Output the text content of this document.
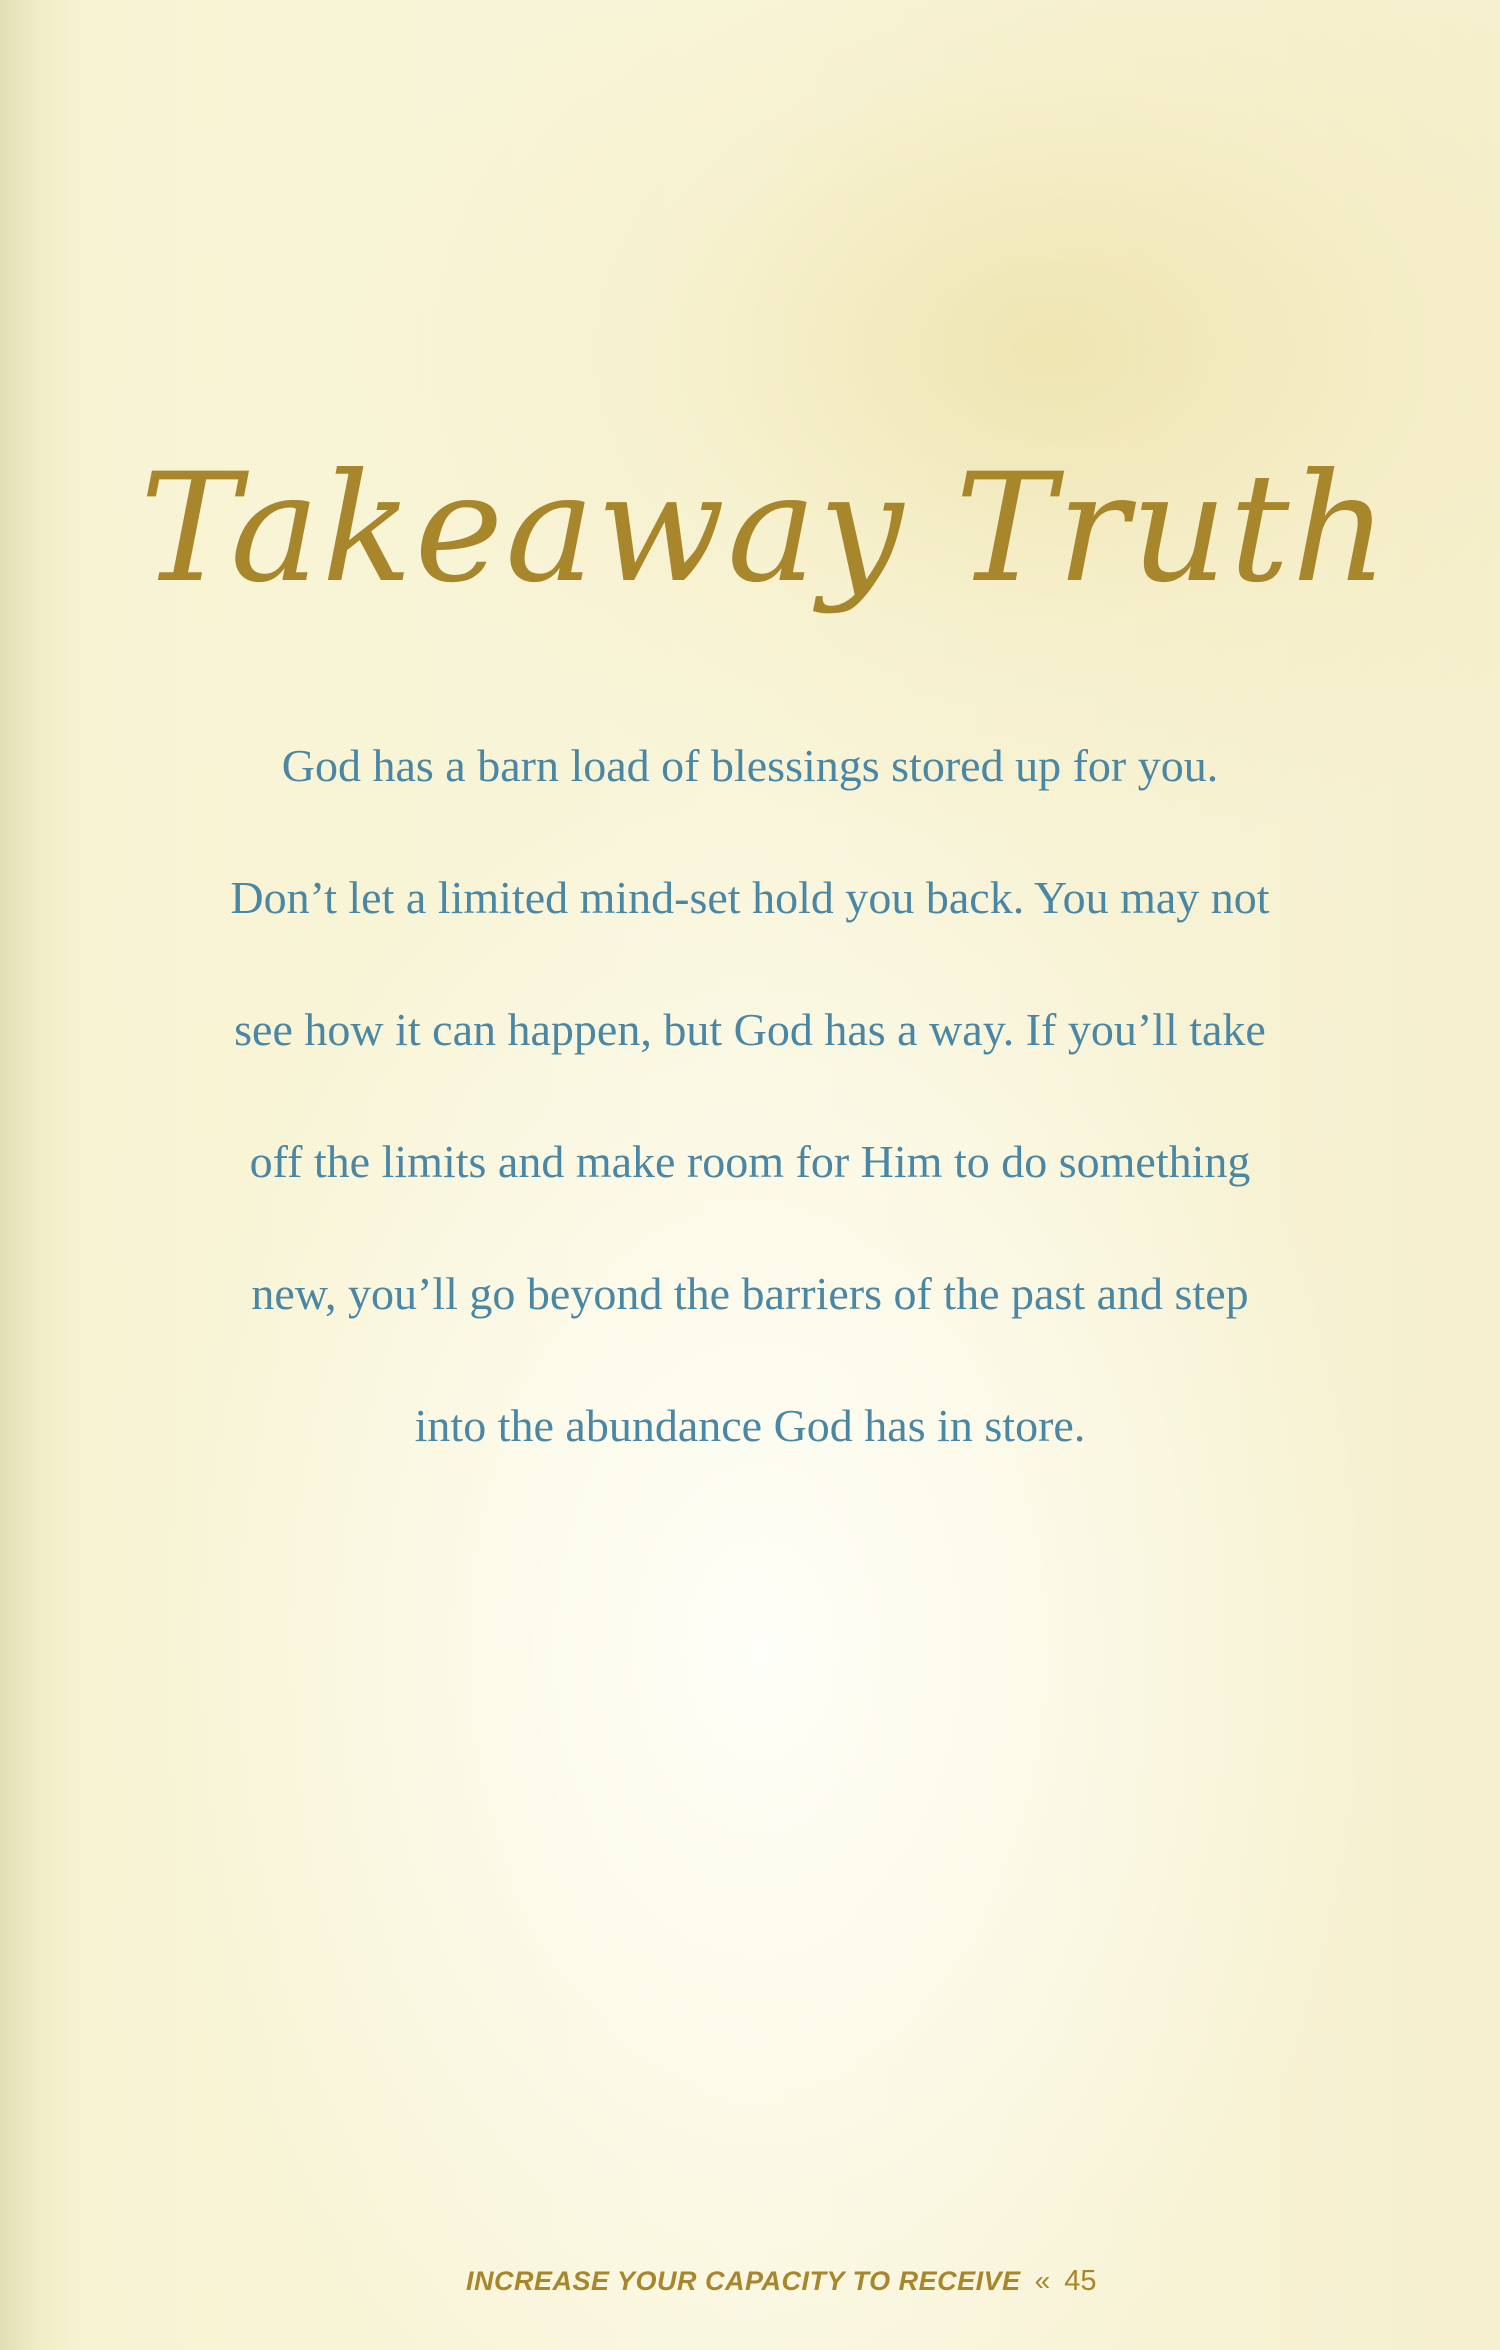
Takeaway Truth

God has a barn load of blessings stored up for you.
Don’t let a limited mind-set hold you back. You may not
see how it can happen, but God has a way. If you’ll take
off the limits and make room for Him to do something
new, you’ll go beyond the barriers of the past and step
into the abundance God has in store.

INCREASE YOUR CAPACITY TO RECEIVE « 45
